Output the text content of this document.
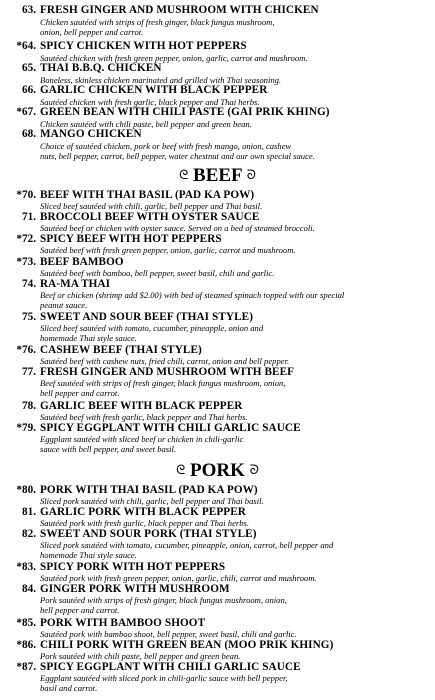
63. FRESH GINGER AND MUSHROOM WITH CHICKEN
Chicken sautéed with strips of fresh ginger, black fungus mushroom,
onion, bell pepper and carrot.
*64. SPICY CHICKEN WITH HOT PEPPERS
Sautéed chicken with fresh green pepper, onion, garlic, carrot and mushroom.
65. THAI B.B.Q. CHICKEN
Boneless, skinless chicken marinated and grilled with Thai seasoning.
66. GARLIC CHICKEN WITH BLACK PEPPER
Sautéed chicken with fresh garlic, black pepper and Thai herbs.
*67. GREEN BEAN WITH CHILI PASTE (GAI PRIK KHING)
Chicken sautéed with chili paste, bell pepper and green bean.
68. MANGO CHICKEN
Choice of sautéed chicken, pork or beef with fresh mango, onion, cashew
nuts, bell pepper, carrot, bell pepper, water chestnut and our own special sauce.
ᘓ BEEF ᘐ
*70. BEEF WITH THAI BASIL (PAD KA POW)
Sliced beef sautéed with chili, garlic, bell pepper and Thai basil.
71. BROCCOLI BEEF WITH OYSTER SAUCE
Sautéed beef or chicken with oyster sauce. Served on a bed of steamed broccoli.
*72. SPICY BEEF WITH HOT PEPPERS
Sautéed beef with fresh green pepper, onion, garlic, carrot and mushroom.
*73. BEEF BAMBOO
Sautéed beef with bamboo, bell pepper, sweet basil, chili and garlic.
74. RA-MA THAI
Beef or chicken (shrimp add $2.00) with bed of steamed spinach topped with our special
peanut sauce.
75. SWEET AND SOUR BEEF (THAI STYLE)
Sliced beef sautéed with tomato, cucumber, pineapple, onion and
homemade Thai style sauce.
*76. CASHEW BEEF (THAI STYLE)
Sautéed beef with cashew nuts, fried chili, carrot, onion and bell pepper.
77. FRESH GINGER AND MUSHROOM WITH BEEF
Beef sautéed with strips of fresh ginger, black fungus mushroom, onion,
bell pepper and carrot.
78. GARLIC BEEF WITH BLACK PEPPER
Sautéed beef with fresh garlic, black pepper and Thai herbs.
*79. SPICY EGGPLANT WITH CHILI GARLIC SAUCE
Eggplant sautéed with sliced beef or chicken in chili-garlic
sauce with bell pepper, and sweet basil.
ᘓ PORK ᘐ
*80. PORK WITH THAI BASIL (PAD KA POW)
Sliced pork sautéed with chili, garlic, bell pepper and Thai basil.
81. GARLIC PORK WITH BLACK PEPPER
Sautéed pork with fresh garlic, black pepper and Thai herbs.
82. SWEET AND SOUR PORK (THAI STYLE)
Sliced pork sautéed with tomato, cucumber, pineapple, onion, carrot, bell pepper and
homemade Thai style sauce.
*83. SPICY PORK WITH HOT PEPPERS
Sautéed pork with fresh green pepper, onion, garlic, chili, carrot and mushroom.
84. GINGER PORK WITH MUSHROOM
Pork sautéed with strips of fresh ginger, black fungus mushroom, onion,
bell pepper and carrot.
*85. PORK WITH BAMBOO SHOOT
Sautéed pork with bamboo shoot, bell pepper, sweet basil, chili and garlic.
*86. CHILI PORK WITH GREEN BEAN (MOO PRIK KHING)
Pork sautéed with chili paste, bell pepper and green bean.
*87. SPICY EGGPLANT WITH CHILI GARLIC SAUCE
Eggplant sautéed with sliced pork in chili-garlic sauce with bell pepper,
basil and carrot.
